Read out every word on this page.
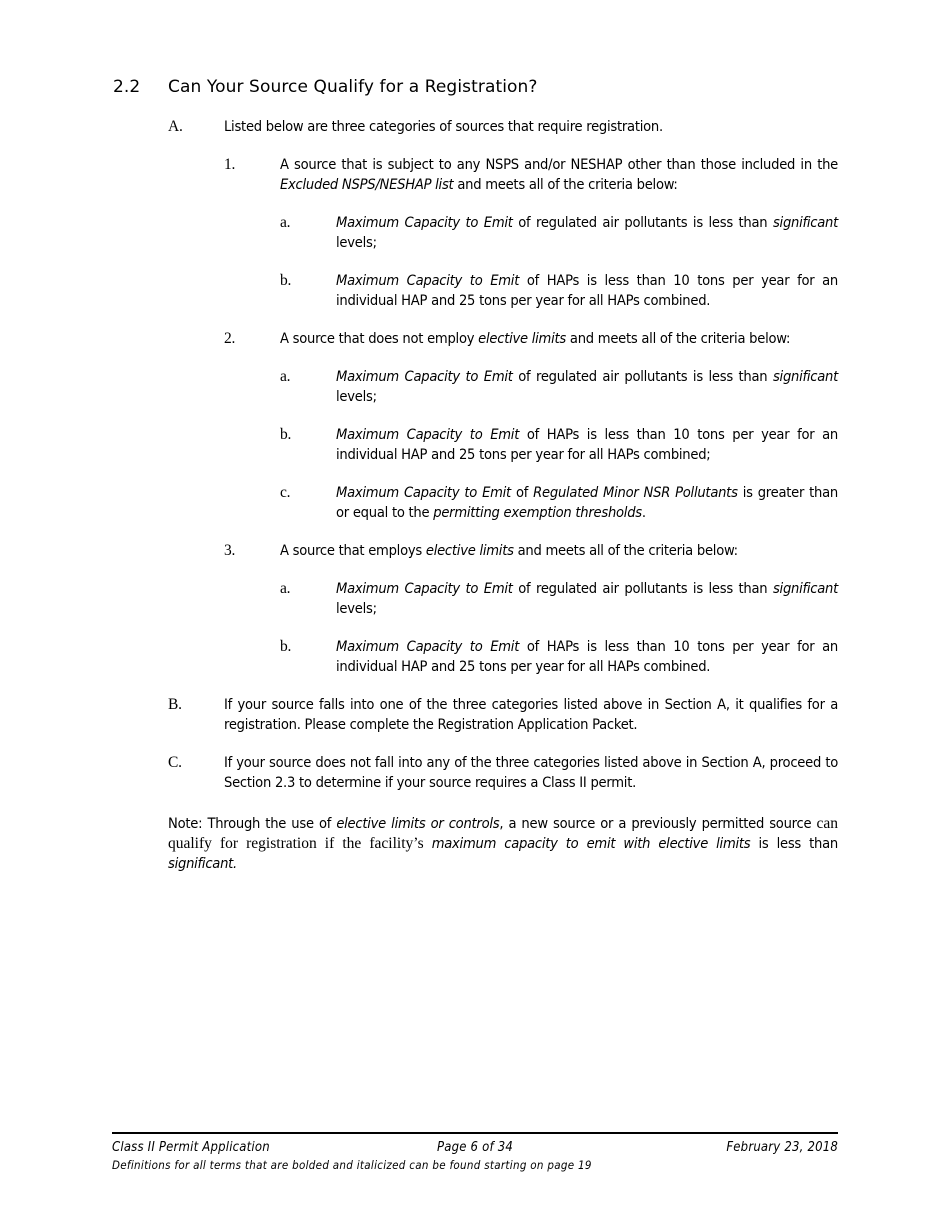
2.2 Can Your Source Qualify for a Registration?
A.	Listed below are three categories of sources that require registration.
1.	A source that is subject to any NSPS and/or NESHAP other than those included in the Excluded NSPS/NESHAP list and meets all of the criteria below:
a.	Maximum Capacity to Emit of regulated air pollutants is less than significant levels;
b.	Maximum Capacity to Emit of HAPs is less than 10 tons per year for an individual HAP and 25 tons per year for all HAPs combined.
2.	A source that does not employ elective limits and meets all of the criteria below:
a.	Maximum Capacity to Emit of regulated air pollutants is less than significant levels;
b.	Maximum Capacity to Emit of HAPs is less than 10 tons per year for an individual HAP and 25 tons per year for all HAPs combined;
c.	Maximum Capacity to Emit of Regulated Minor NSR Pollutants is greater than or equal to the permitting exemption thresholds.
3.	A source that employs elective limits and meets all of the criteria below:
a.	Maximum Capacity to Emit of regulated air pollutants is less than significant levels;
b.	Maximum Capacity to Emit of HAPs is less than 10 tons per year for an individual HAP and 25 tons per year for all HAPs combined.
B.	If your source falls into one of the three categories listed above in Section A, it qualifies for a registration. Please complete the Registration Application Packet.
C.	If your source does not fall into any of the three categories listed above in Section A, proceed to Section 2.3 to determine if your source requires a Class II permit.
Note: Through the use of elective limits or controls, a new source or a previously permitted source can qualify for registration if the facility’s maximum capacity to emit with elective limits is less than significant.
Class II Permit Application	Page 6 of 34	February 23, 2018
Definitions for all terms that are bolded and italicized can be found starting on page 19
